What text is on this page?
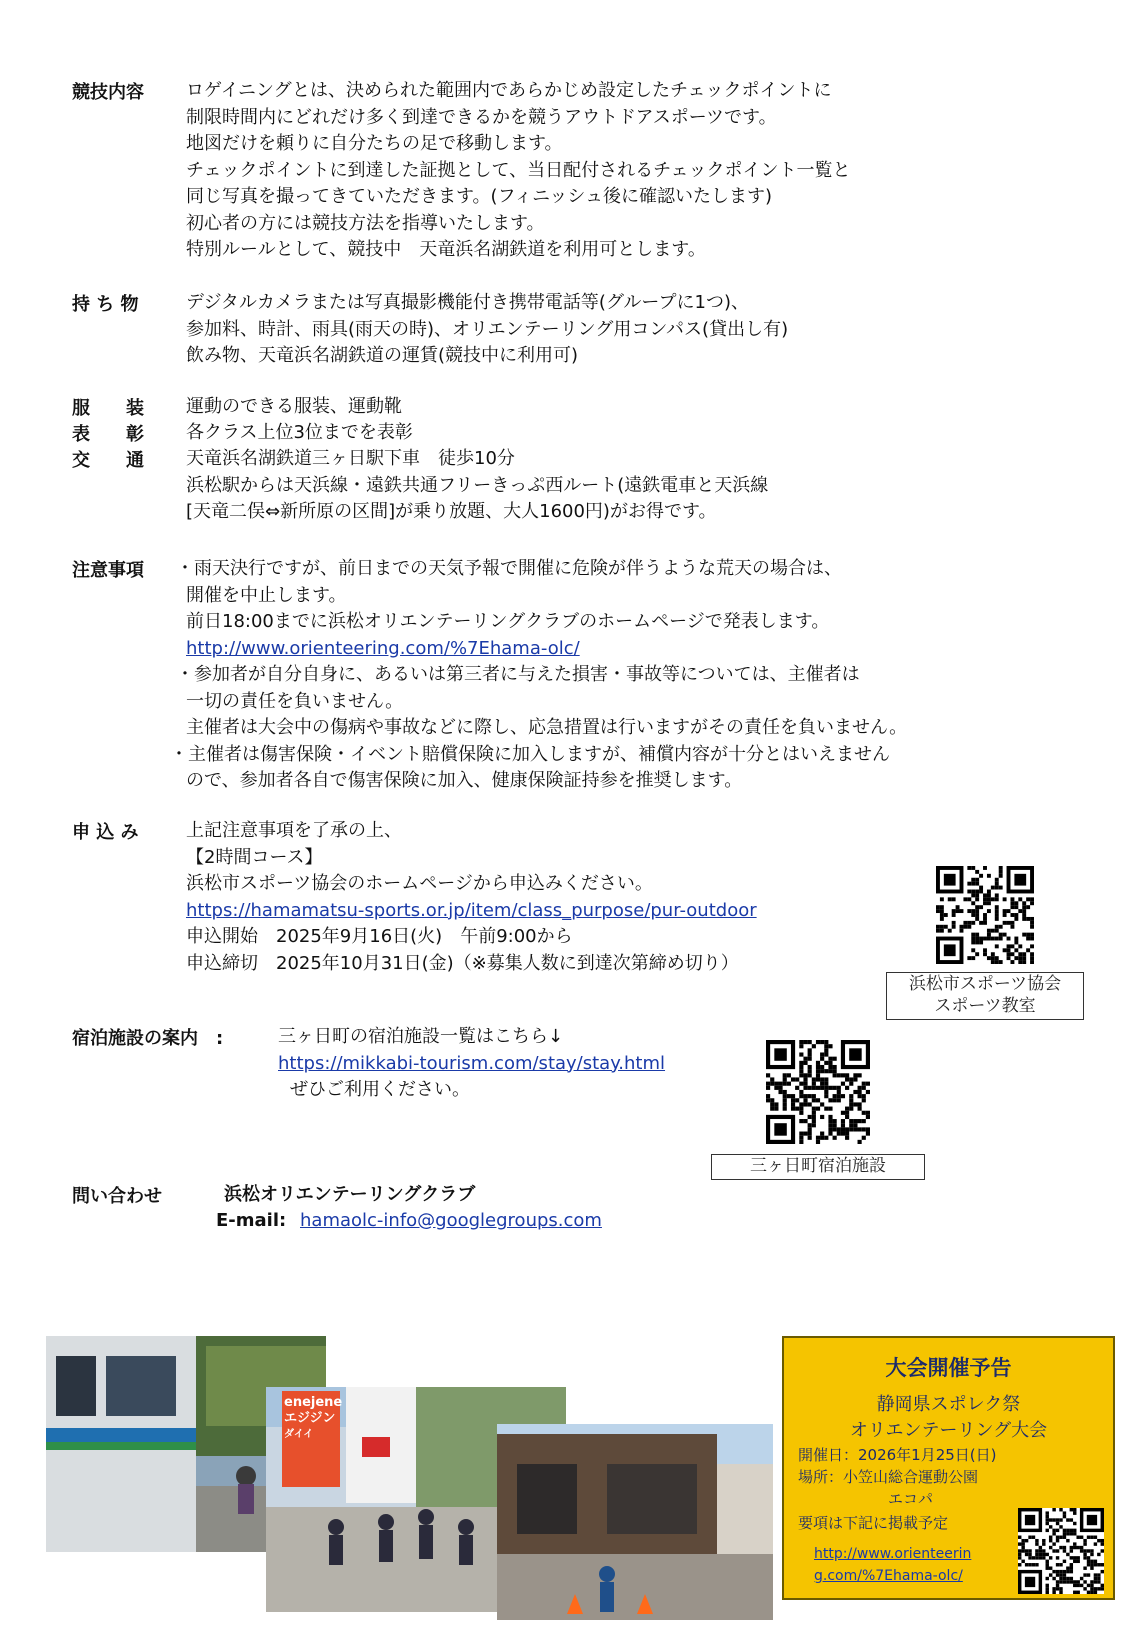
競技内容 ロゲイニングとは、決められた範囲内であらかじめ設定したチェックポイントに
制限時間内にどれだけ多く到達できるかを競うアウトドアスポーツです。
地図だけを頼りに自分たちの足で移動します。
チェックポイントに到達した証拠として、当日配付されるチェックポイント一覧と
同じ写真を撮ってきていただきます。(フィニッシュ後に確認いたします)
初心者の方には競技方法を指導いたします。
特別ルールとして、競技中　天竜浜名湖鉄道を利用可とします。
持 ち 物	デジタルカメラまたは写真撮影機能付き携帯電話等(グループに1つ)、
参加料、時計、雨具(雨天の時)、オリエンテーリング用コンパス(貸出し有)
飲み物、天竜浜名湖鉄道の運賃(競技中に利用可)
服　　装 運動のできる服装、運動靴
表　　彰 各クラス上位3位までを表彰
交　　通 天竜浜名湖鉄道三ヶ日駅下車　徒歩10分
浜松駅からは天浜線・遠鉄共通フリーきっぷ西ルート(遠鉄電車と天浜線
[天竜二俣⇔新所原の区間]が乗り放題、大人1600円)がお得です。
注意事項 ・雨天決行ですが、前日までの天気予報で開催に危険が伴うような荒天の場合は、
開催を中止します。
前日18:00までに浜松オリエンテーリングクラブのホームページで発表します。
http://www.orienteering.com/%7Ehama-olc/
・参加者が自分自身に、あるいは第三者に与えた損害・事故等については、主催者は
一切の責任を負いません。
主催者は大会中の傷病や事故などに際し、応急措置は行いますがその責任を負いません。
・主催者は傷害保険・イベント賠償保険に加入しますが、補償内容が十分とはいえません
ので、参加者各自で傷害保険に加入、健康保険証持参を推奨します。
申 込 み	上記注意事項を了承の上、
【2時間コース】
浜松市スポーツ協会のホームページから申込みください。
https://hamamatsu-sports.or.jp/item/class_purpose/pur-outdoor
申込開始　2025年9月16日(火)　午前9:00から
申込締切　2025年10月31日(金)（※募集人数に到達次第締め切り）
浜松市スポーツ協会
スポーツ教室
宿泊施設の案内　:	三ヶ日町の宿泊施設一覧はこちら↓
https://mikkabi-tourism.com/stay/stay.html
ぜひご利用ください。
三ヶ日町宿泊施設
問い合わせ	浜松オリエンテーリングクラブ
E-mail: hamaolc-info@googlegroups.com
enejene
エジジン
ダイイ
大会開催予告
静岡県スポレク祭
オリエンテーリング大会
開催日：2026年1月25日(日)
場所：小笠山総合運動公園
エコパ
要項は下記に掲載予定
http://www.orienteerin
g.com/%7Ehama-olc/
